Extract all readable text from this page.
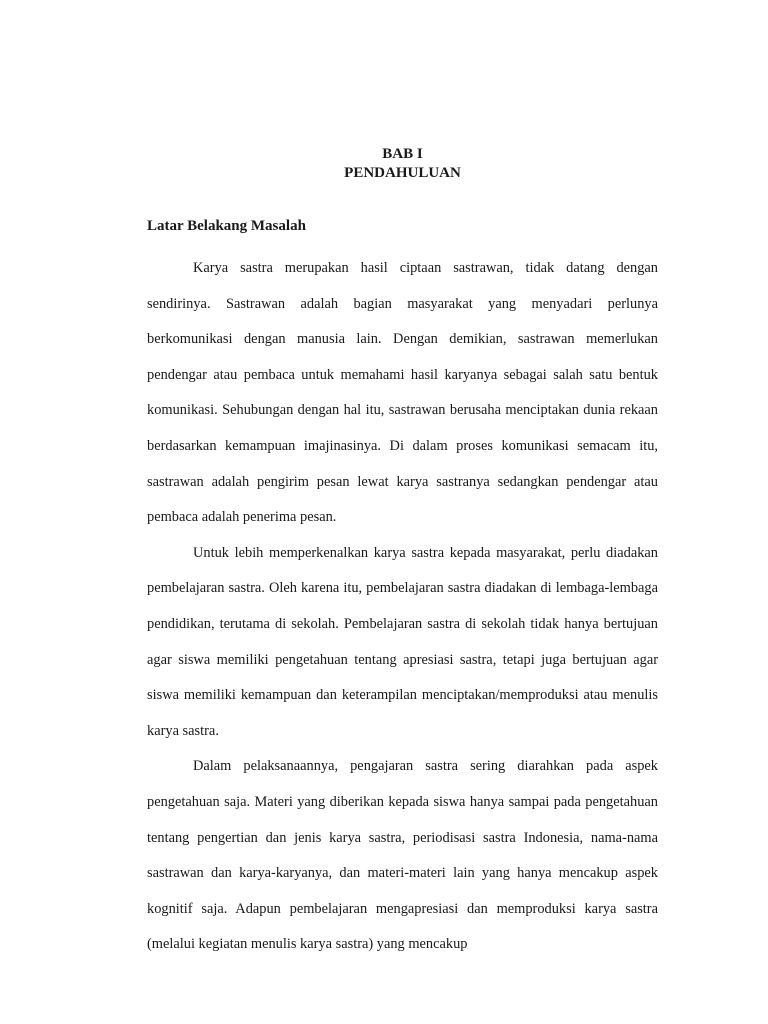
BAB I
PENDAHULUAN
Latar Belakang Masalah

Karya sastra merupakan hasil ciptaan sastrawan, tidak datang dengan sendirinya. Sastrawan adalah bagian masyarakat yang menyadari perlunya berkomunikasi dengan manusia lain. Dengan demikian, sastrawan memerlukan pendengar atau pembaca untuk memahami hasil karyanya sebagai salah satu bentuk komunikasi. Sehubungan dengan hal itu, sastrawan berusaha menciptakan dunia rekaan berdasarkan kemampuan imajinasinya. Di dalam proses komunikasi semacam itu, sastrawan adalah pengirim pesan lewat karya sastranya sedangkan pendengar atau pembaca adalah penerima pesan.

Untuk lebih memperkenalkan karya sastra kepada masyarakat, perlu diadakan pembelajaran sastra. Oleh karena itu, pembelajaran sastra diadakan di lembaga-lembaga pendidikan, terutama di sekolah. Pembelajaran sastra di sekolah tidak hanya bertujuan agar siswa memiliki pengetahuan tentang apresiasi sastra, tetapi juga bertujuan agar siswa memiliki kemampuan dan keterampilan menciptakan/memproduksi atau menulis karya sastra.

Dalam pelaksanaannya, pengajaran sastra sering diarahkan pada aspek pengetahuan saja. Materi yang diberikan kepada siswa hanya sampai pada pengetahuan tentang pengertian dan jenis karya sastra, periodisasi sastra Indonesia, nama-nama sastrawan dan karya-karyanya, dan materi-materi lain yang hanya mencakup aspek kognitif saja. Adapun pembelajaran mengapresiasi dan memproduksi karya sastra (melalui kegiatan menulis karya sastra) yang mencakup
